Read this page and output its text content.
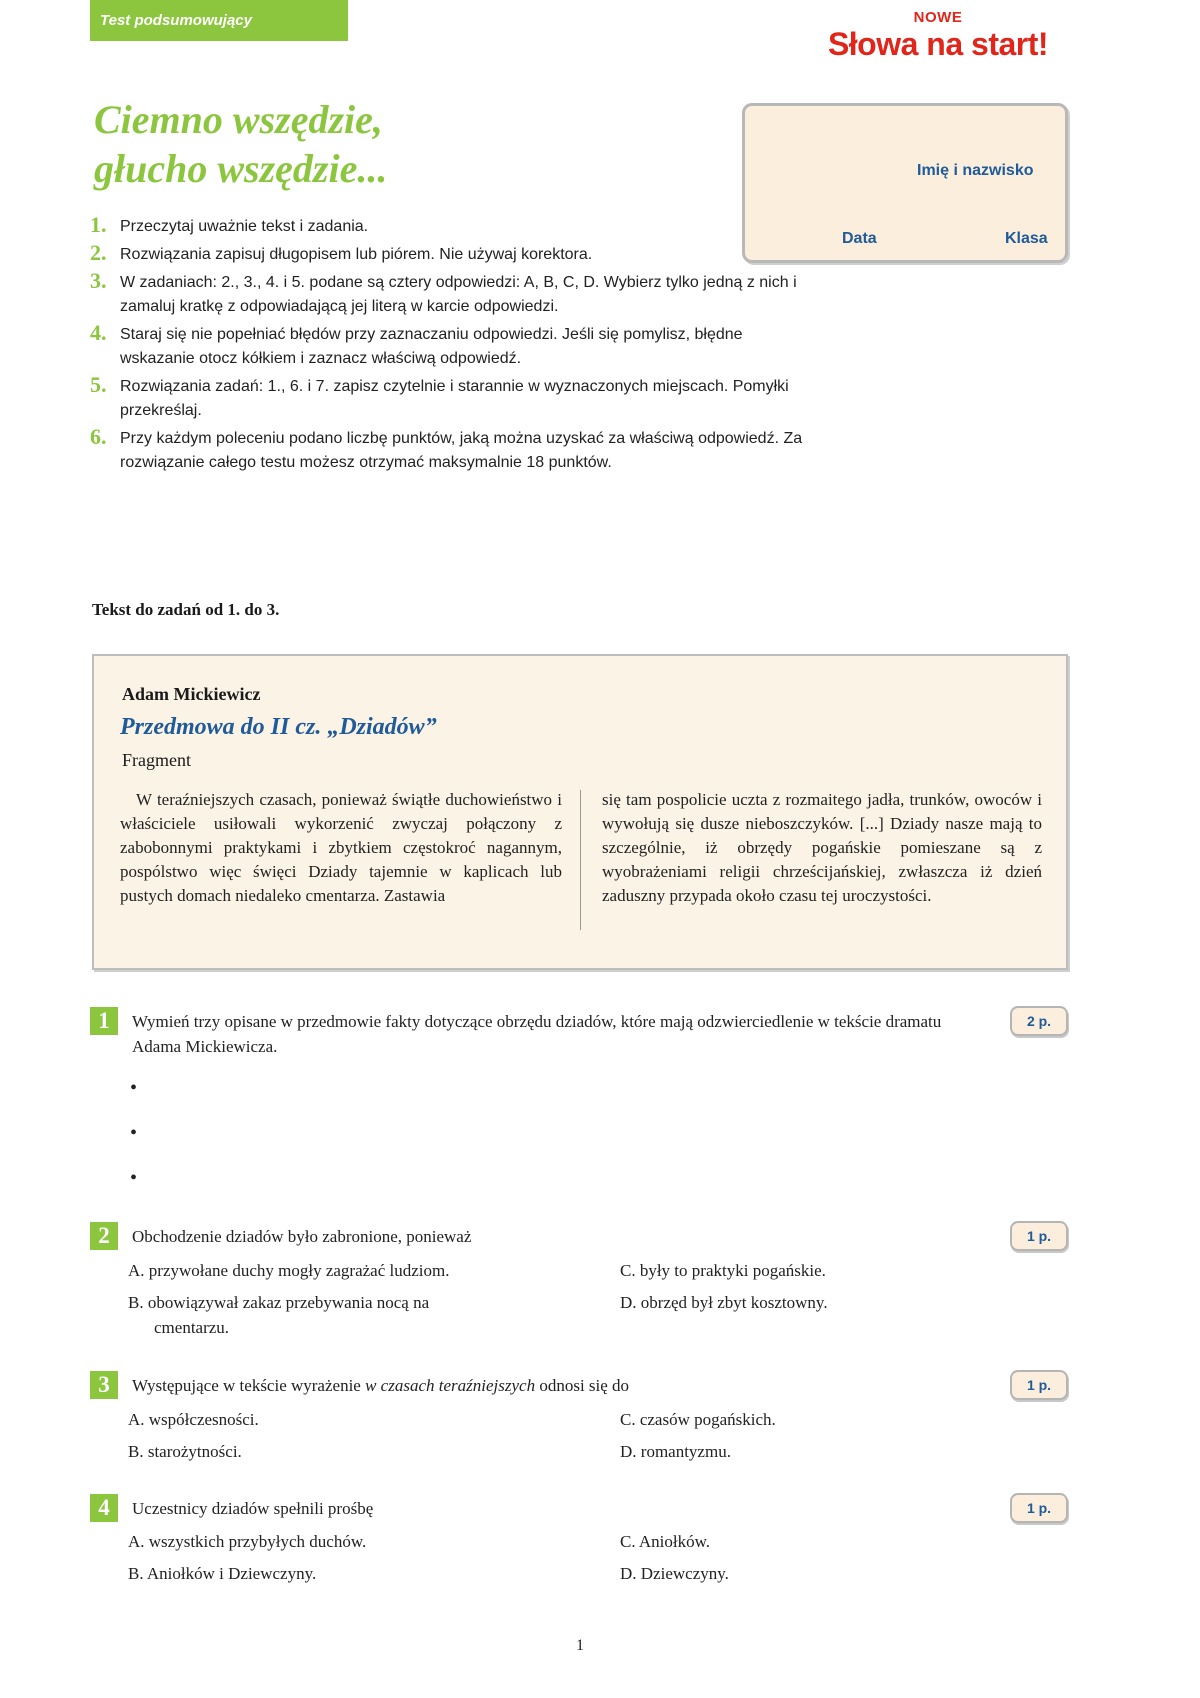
Test podsumowujący	NOWE
Słowa na start!
Ciemno wszędzie,
głucho wszędzie...	Imię i nazwisko
Data	Klasa
1. Przeczytaj uważnie tekst i zadania.
2. Rozwiązania zapisuj długopisem lub piórem. Nie używaj korektora.
3. W zadaniach: 2., 3., 4. i 5. podane są cztery odpowiedzi: A, B, C, D. Wybierz tylko jedną z nich i zamaluj kratkę z odpowiadającą jej literą w karcie odpowiedzi.
4. Staraj się nie popełniać błędów przy zaznaczaniu odpowiedzi. Jeśli się pomylisz, błędne wskazanie otocz kółkiem i zaznacz właściwą odpowiedź.
5. Rozwiązania zadań: 1., 6. i 7. zapisz czytelnie i starannie w wyznaczonych miejscach. Pomyłki przekreślaj.
6. Przy każdym poleceniu podano liczbę punktów, jaką można uzyskać za właściwą odpowiedź. Za rozwiązanie całego testu możesz otrzymać maksymalnie 18 punktów.
Tekst do zadań od 1. do 3.
Adam Mickiewicz
Przedmowa do II cz. „Dziadów”
Fragment
W teraźniejszych czasach, ponieważ świątłe duchowieństwo i właściciele usiłowali wykorzenić zwyczaj połączony z zabobonnymi praktykami i zbytkiem częstokroć nagannym, pospólstwo więc święci Dziady tajemnie w kaplicach lub pustych domach niedaleko cmentarza. Zastawia
się tam pospolicie uczta z rozmaitego jadła, trunków, owoców i wywołują się dusze nieboszczyków. [...] Dziady nasze mają to szczególnie, iż obrzędy pogańskie pomieszane są z wyobrażeniami religii chrześcijańskiej, zwłaszcza iż dzień zaduszny przypada około czasu tej uroczystości.
1	Wymień trzy opisane w przedmowie fakty dotyczące obrzędu dziadów, które mają odzwierciedlenie w tekście dramatu Adama Mickiewicza.
2 p.
•
•
•
2	Obchodzenie dziadów było zabronione, ponieważ	1 p.
A. przywołane duchy mogły zagrażać ludziom.
B. obowiązywał zakaz przebywania nocą na
cmentarzu.
C. były to praktyki pogańskie.
D. obrzęd był zbyt kosztowny.
3	Występujące w tekście wyrażenie w czasach teraźniejszych odnosi się do	1 p.
A. współczesności.
B. starożytności.
C. czasów pogańskich.
D. romantyzmu.
4	Uczestnicy dziadów spełnili prośbę	1 p.
A. wszystkich przybyłych duchów.
B. Aniołków i Dziewczyny.
C. Aniołków.
D. Dziewczyny.
1
